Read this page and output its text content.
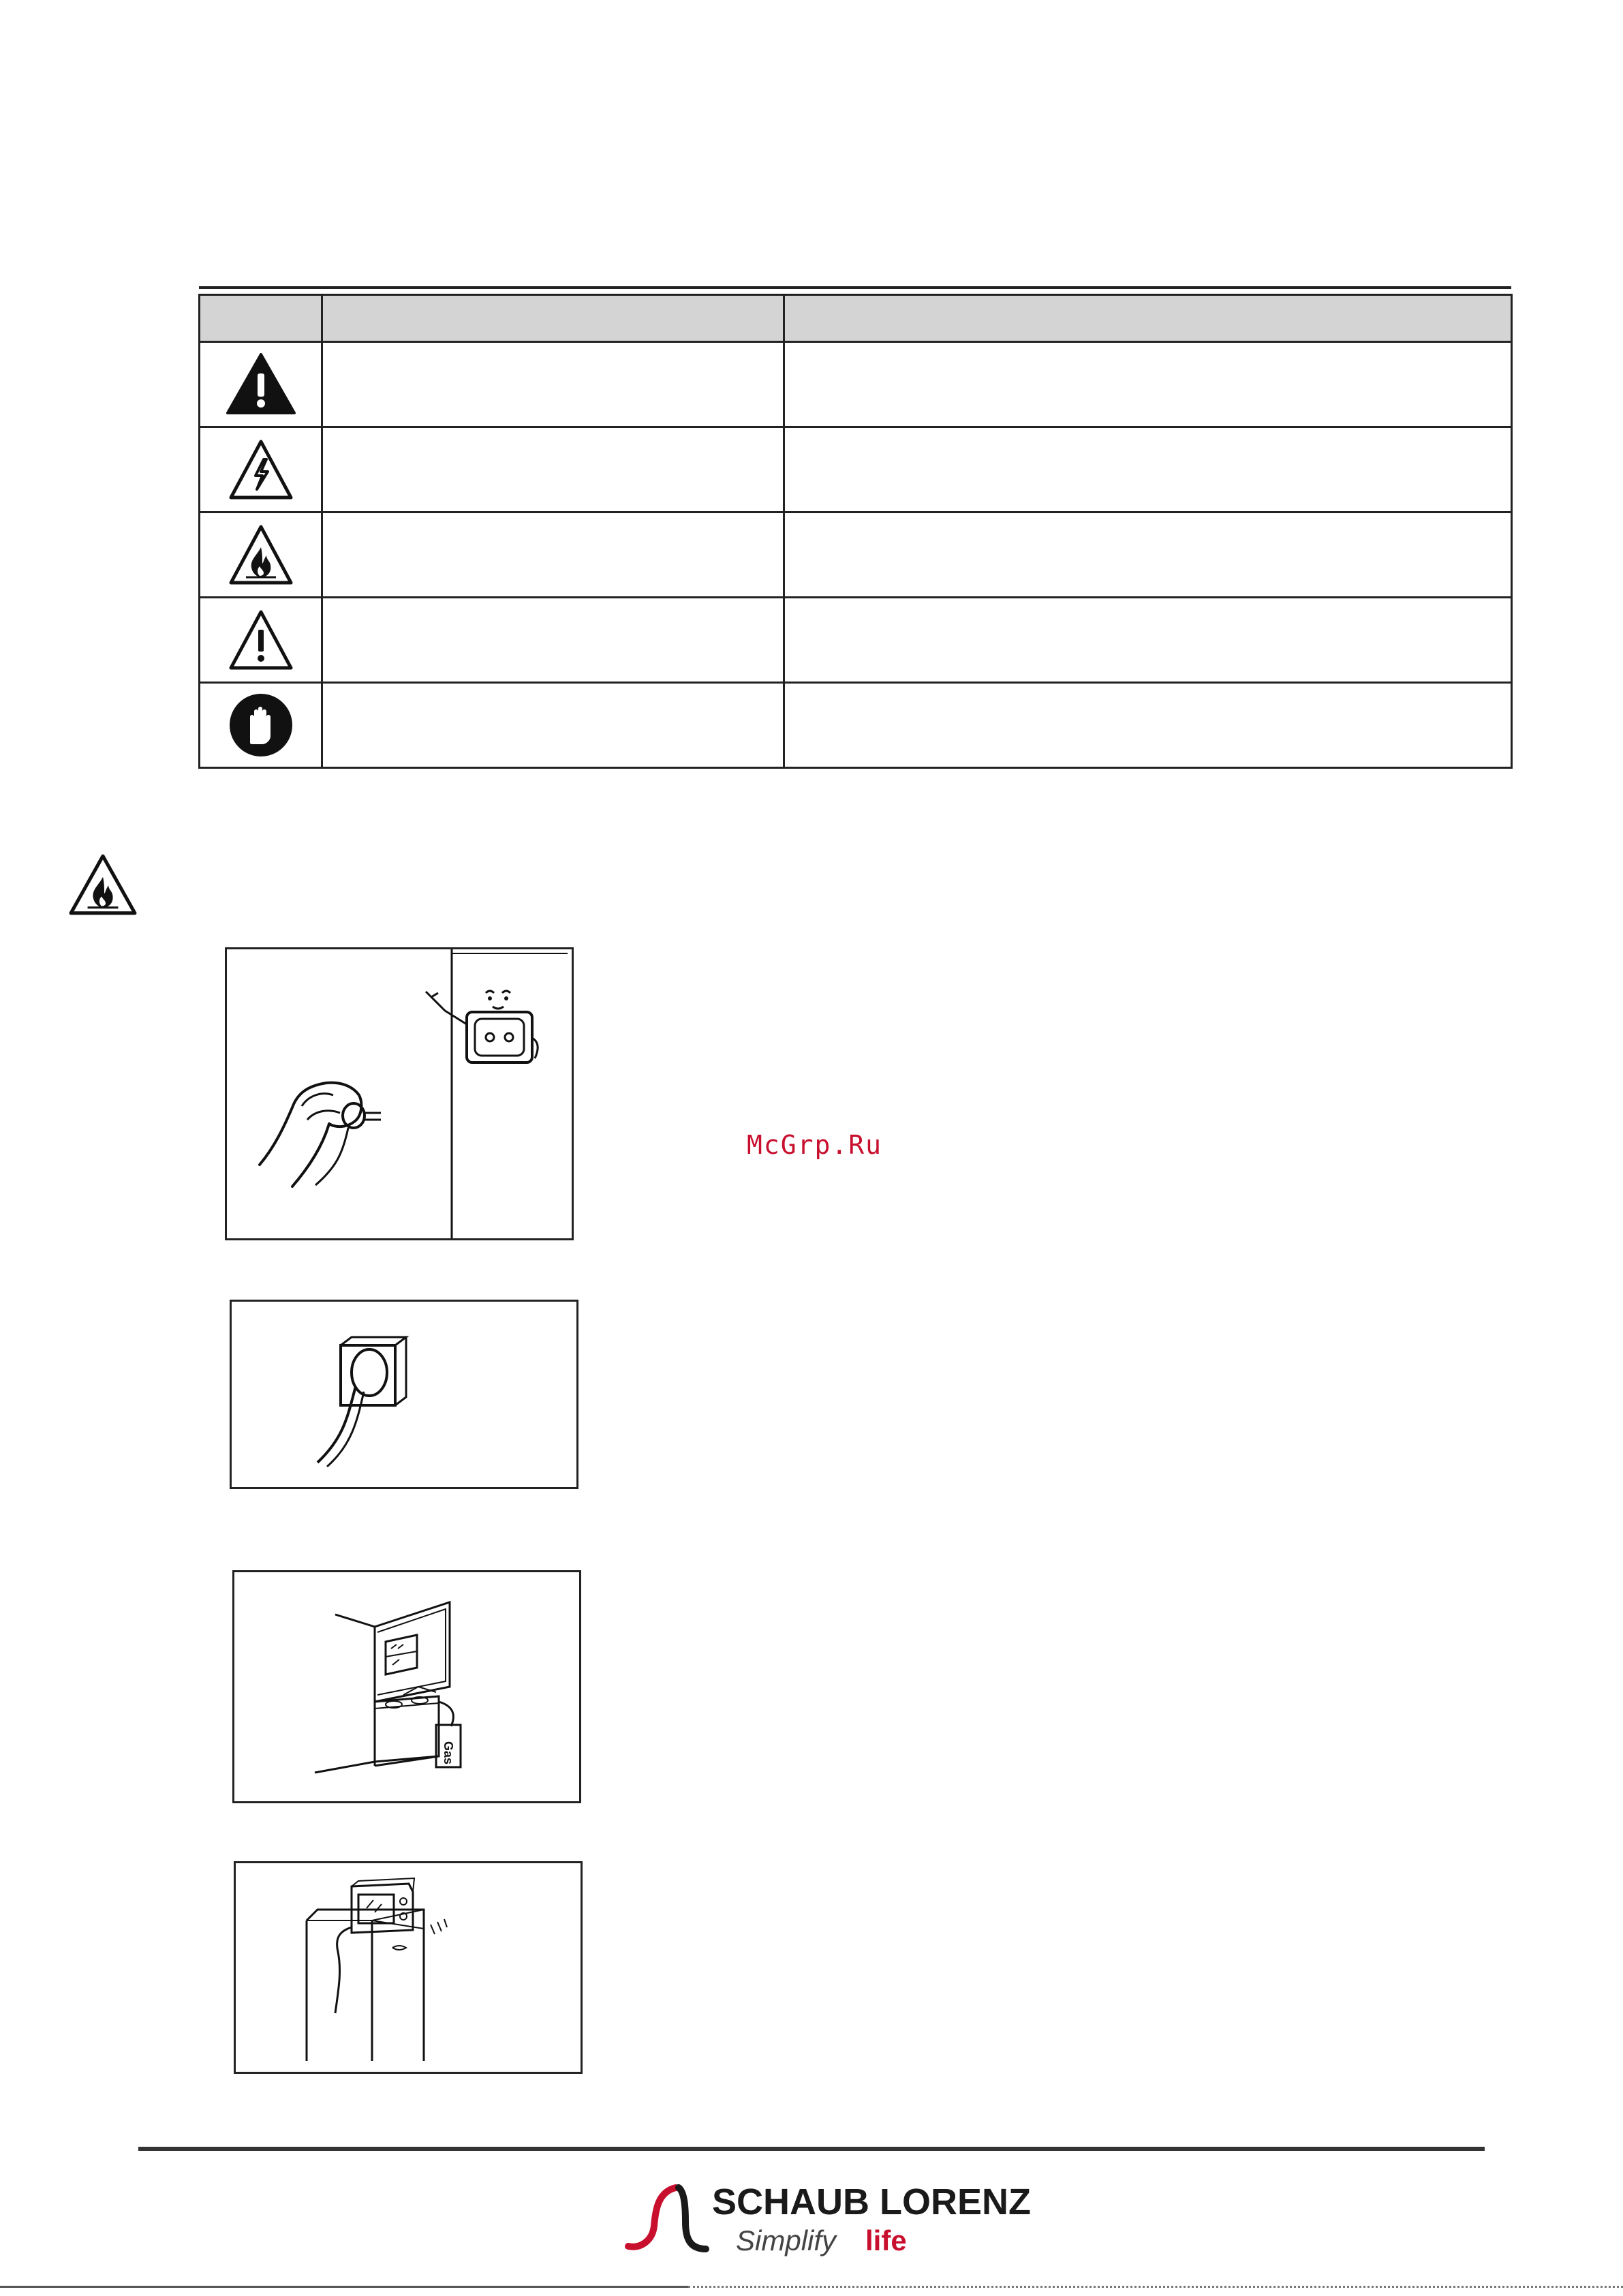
Gas
McGrp.Ru
SCHAUB LORENZ
Simplify life
